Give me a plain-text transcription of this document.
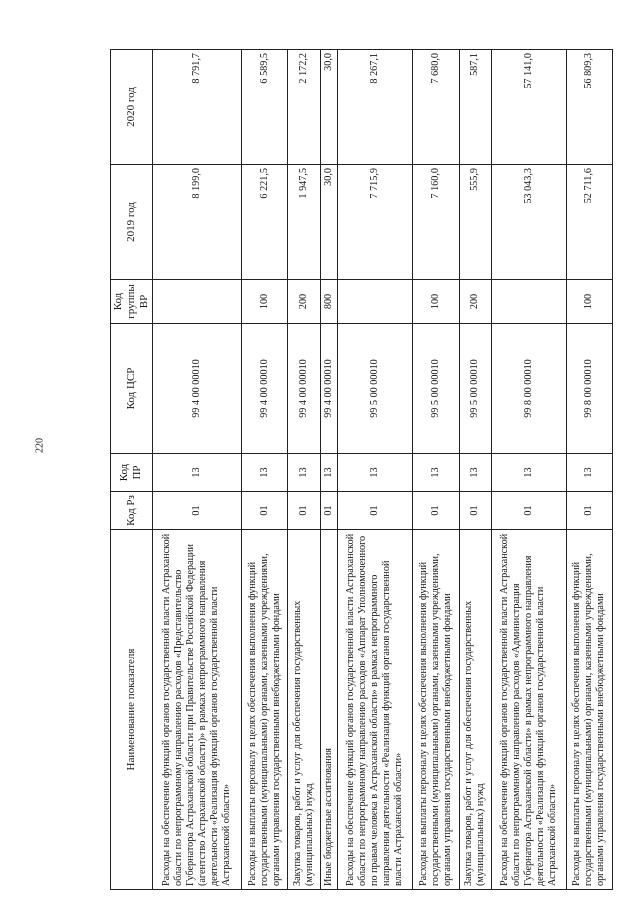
220
Наименование показателя	Код Рз	Код ПР	Код ЦСР	Код группы ВР	2019 год	2020 год
Расходы на обеспечение функций органов государственной власти Астраханской области по непрограммному направлению расходов «Представительство Губернатора Астраханской области при Правительстве Российской Федерации (агентство Астраханской области)» в рамках непрограммного направления деятельности «Реализация функций органов государственной власти Астраханской области»	01	13	99 4 00 00010		8 199,0	8 791,7
Расходы на выплаты персоналу в целях обеспечения выполнения функций государственными (муниципальными) органами, казенными учреждениями, органами управления государственными внебюджетными фондами	01	13	99 4 00 00010	100	6 221,5	6 589,5
Закупка товаров, работ и услуг для обеспечения государственных (муниципальных) нужд	01	13	99 4 00 00010	200	1 947,5	2 172,2
Иные бюджетные ассигнования	01	13	99 4 00 00010	800	30,0	30,0
Расходы на обеспечение функций органов государственной власти Астраханской области по непрограммному направлению расходов «Аппарат Уполномоченного по правам человека в Астраханской области» в рамках непрограммного направления деятельности «Реализация функций органов государственной власти Астраханской области»	01	13	99 5 00 00010		7 715,9	8 267,1
Расходы на выплаты персоналу в целях обеспечения выполнения функций государственными (муниципальными) органами, казенными учреждениями, органами управления государственными внебюджетными фондами	01	13	99 5 00 00010	100	7 160,0	7 680,0
Закупка товаров, работ и услуг для обеспечения государственных (муниципальных) нужд	01	13	99 5 00 00010	200	555,9	587,1
Расходы на обеспечение функций органов государственной власти Астраханской области по непрограммному направлению расходов «Администрация Губернатора Астраханской области» в рамках непрограммного направления деятельности «Реализация функций органов государственной власти Астраханской области»	01	13	99 8 00 00010		53 043,3	57 141,0
Расходы на выплаты персоналу в целях обеспечения выполнения функций государственными (муниципальными) органами, казенными учреждениями, органами управления государственными внебюджетными фондами	01	13	99 8 00 00010	100	52 711,6	56 809,3
